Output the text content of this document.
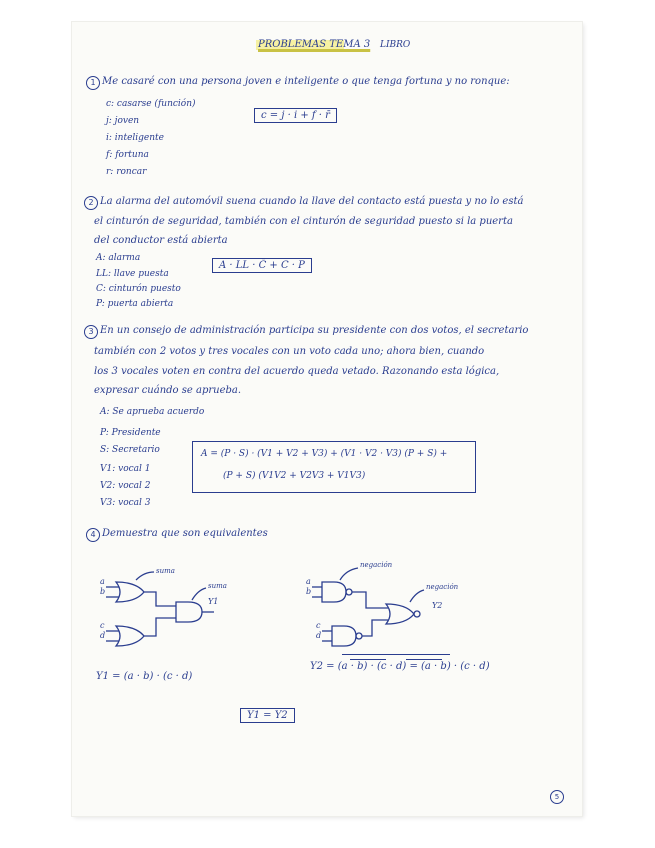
PROBLEMAS TEMA 3 LIBRO
1 Me casaré con una persona joven e inteligente o que tenga fortuna y no ronque:
c: casarse (función)
j: joven
i: inteligente
f: fortuna
r: roncar
c = j · i + f · r̄
2 La alarma del automóvil suena cuando la llave del contacto está puesta y no lo está
el cinturón de seguridad, también con el cinturón de seguridad puesto si la puerta
del conductor está abierta
A: alarma
LL: llave puesta
C: cinturón puesto
P: puerta abierta
A · LL · C̄ + C · P
3 En un consejo de administración participa su presidente con dos votos, el secretario
también con 2 votos y tres vocales con un voto cada uno; ahora bien, cuando
los 3 vocales voten en contra del acuerdo queda vetado. Razonando esta lógica,
expresar cuándo se aprueba.
A: Se aprueba acuerdo
P: Presidente
S: Secretario
V1: vocal 1
V2: vocal 2
V3: vocal 3
A = (P · S) · (V1 + V2 + V3) + (V1 · V2 · V3) (P + S) +
(P + S) (V1V2 + V2V3 + V1V3)
4 Demuestra que son equivalentes
a
b
c
d
suma
suma
Y1
Y1 = (a · b) · (c · d)
a
b
c
d
negación
negación
Y2
Y2 = (a · b) · (c · d) = (a · b) · (c · d)
Y1 = Y2
5
